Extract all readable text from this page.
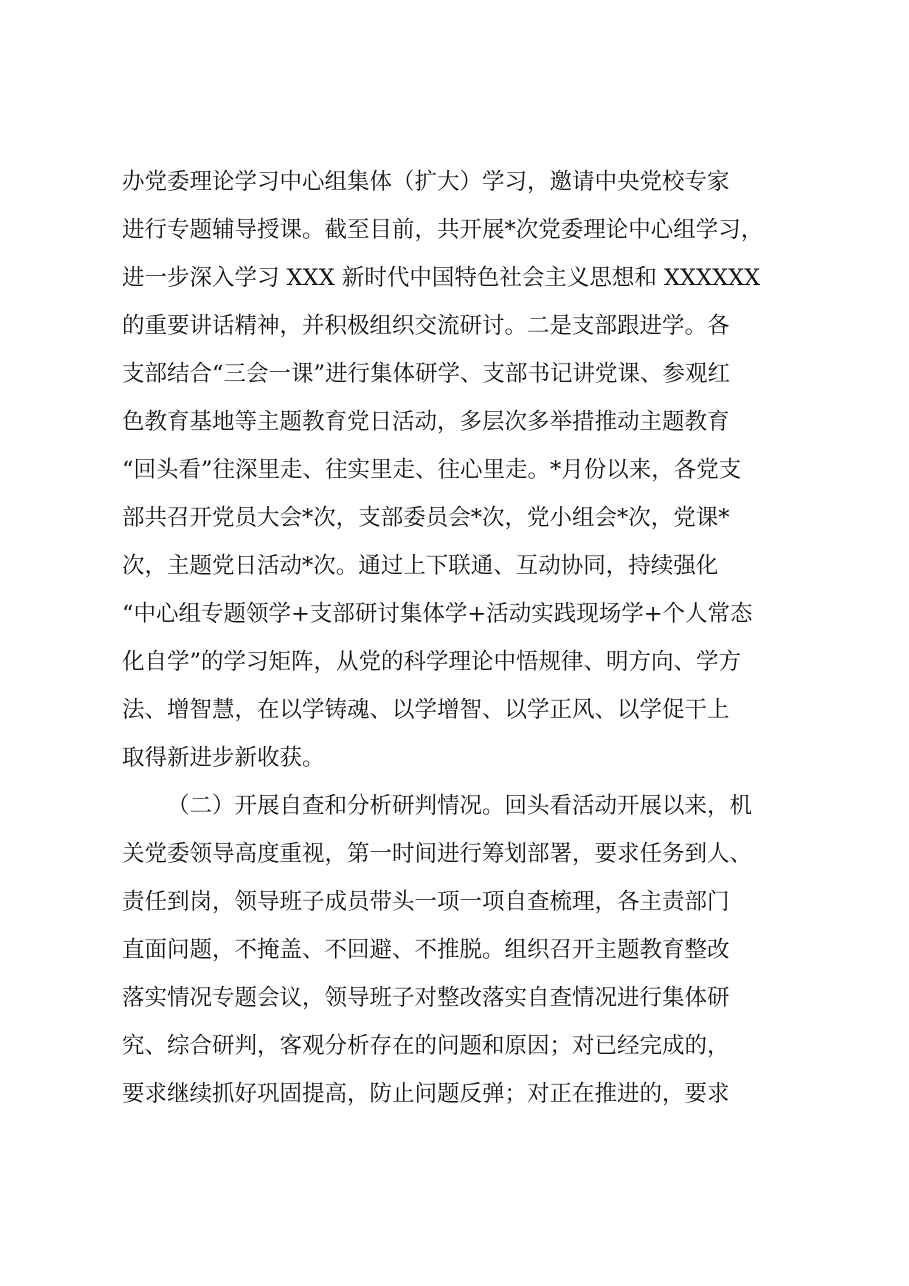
办党委理论学习中心组集体（扩大）学习，邀请中央党校专家
进行专题辅导授课。截至目前，共开展*次党委理论中心组学习，
进一步深入学习 XXX 新时代中国特色社会主义思想和 XXXXXX
的重要讲话精神，并积极组织交流研讨。二是支部跟进学。各
支部结合“三会一课”进行集体研学、支部书记讲党课、参观红
色教育基地等主题教育党日活动，多层次多举措推动主题教育
“回头看”往深里走、往实里走、往心里走。*月份以来，各党支
部共召开党员大会*次，支部委员会*次，党小组会*次，党课*
次，主题党日活动*次。通过上下联通、互动协同，持续强化
“中心组专题领学+支部研讨集体学+活动实践现场学+个人常态
化自学”的学习矩阵，从党的科学理论中悟规律、明方向、学方
法、增智慧，在以学铸魂、以学增智、以学正风、以学促干上
取得新进步新收获。
（二）开展自查和分析研判情况。回头看活动开展以来，机
关党委领导高度重视，第一时间进行筹划部署，要求任务到人、
责任到岗，领导班子成员带头一项一项自查梳理，各主责部门
直面问题，不掩盖、不回避、不推脱。组织召开主题教育整改
落实情况专题会议，领导班子对整改落实自查情况进行集体研
究、综合研判，客观分析存在的问题和原因；对已经完成的，
要求继续抓好巩固提高，防止问题反弹；对正在推进的，要求
